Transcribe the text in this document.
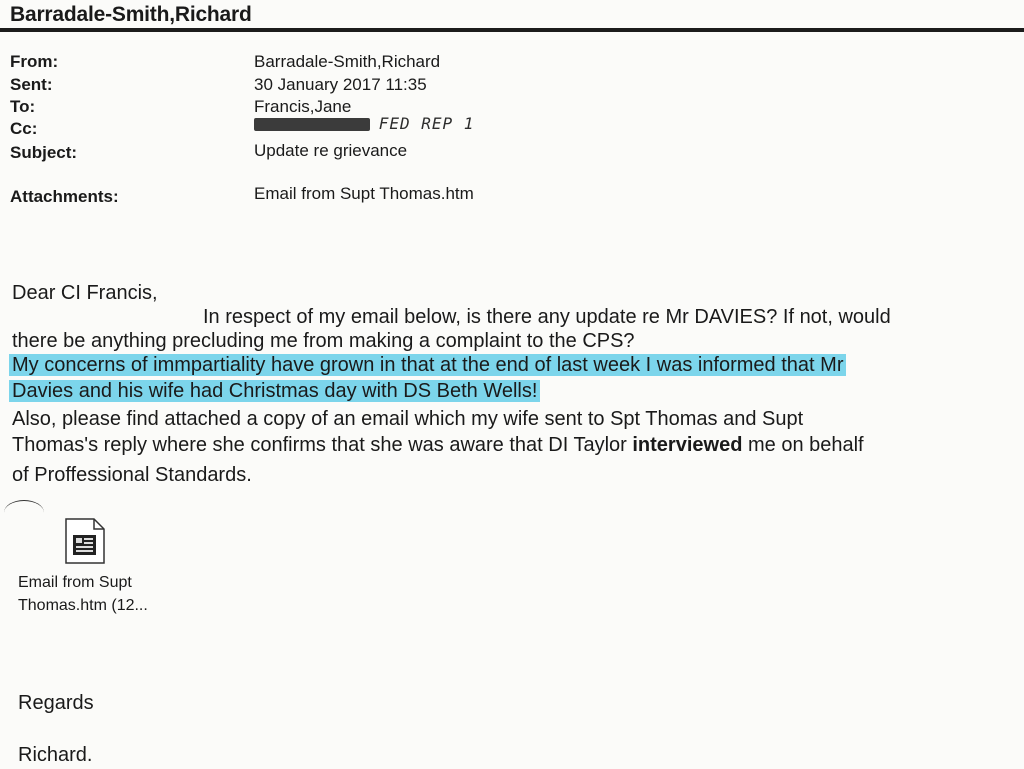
Barradale-Smith,Richard
From:	Barradale-Smith,Richard
Sent:	30 January 2017 11:35
To:	Francis,Jane
Cc:	FED REP 1
Subject:	Update re grievance
Attachments:	Email from Supt Thomas.htm
Dear CI Francis,
In respect of my email below, is there any update re Mr DAVIES? If not, would
there be anything precluding me from making a complaint to the CPS?
My concerns of immpartiality have grown in that at the end of last week I was informed that Mr
Davies and his wife had Christmas day with DS Beth Wells!
Also, please find attached a copy of an email which my wife sent to Spt Thomas and Supt
Thomas's reply where she confirms that she was aware that DI Taylor interviewed me on behalf
of Proffessional Standards.
Email from Supt
Thomas.htm (12...
Regards
Richard.
